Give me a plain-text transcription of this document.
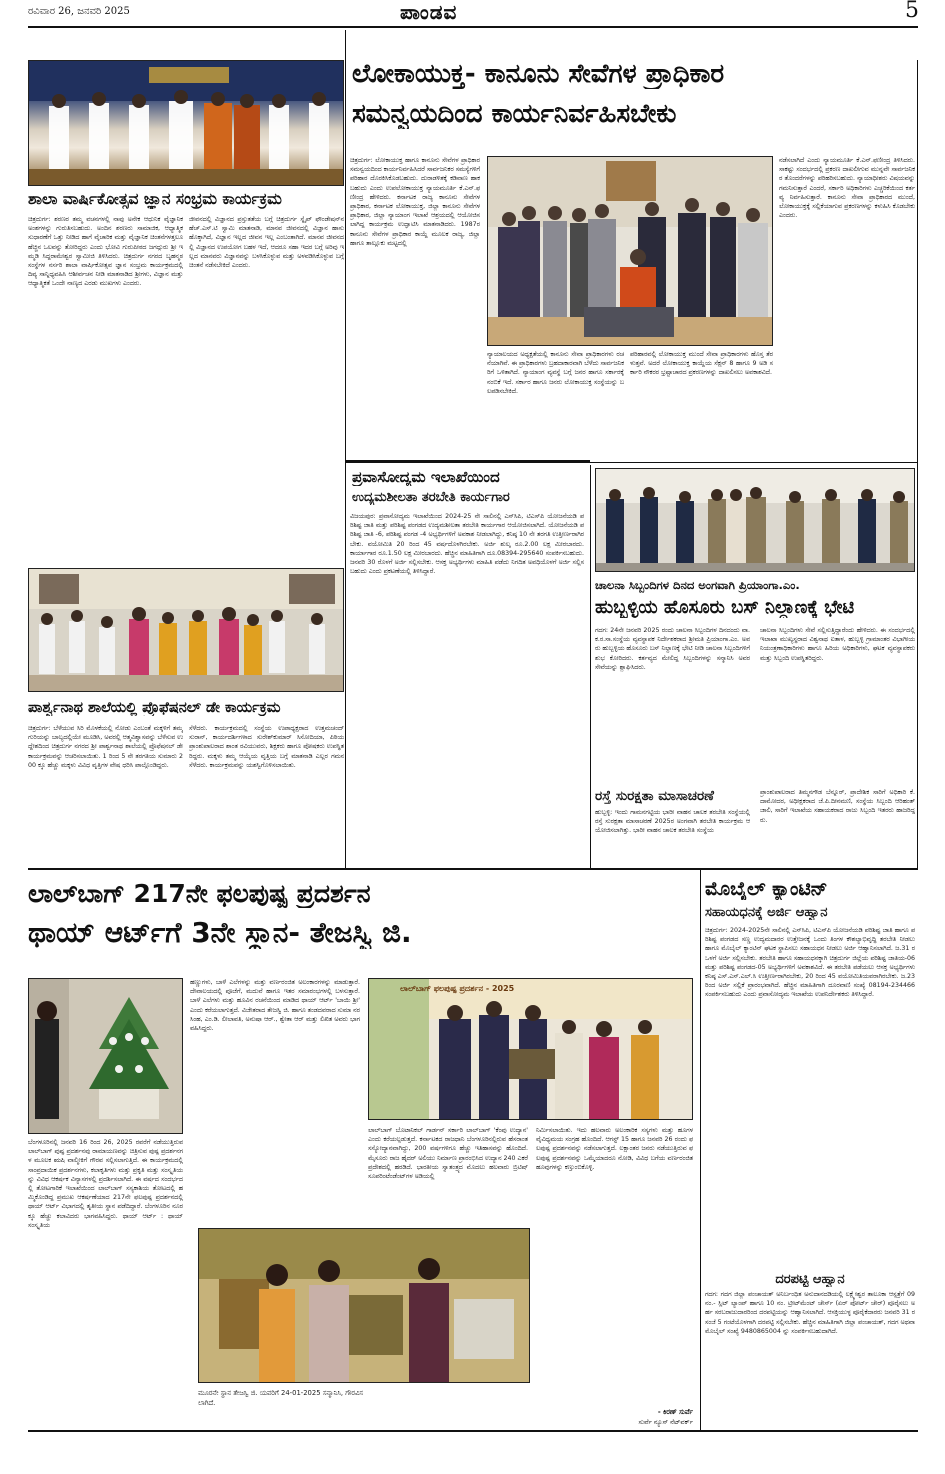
ರವಿವಾರ 26, ಜನವರಿ 2025	ಪಾಂಡವ	5
ಶಾಲಾ ವಾರ್ಷಿಕೋತ್ಸವ ಜ್ಞಾನ ಸಂಭ್ರಮ ಕಾರ್ಯಕ್ರಮ
ಚಿತ್ರದುರ್ಗ: ಶರಣರ ತಮ್ಮ ವಚನಗಳಲ್ಲಿ ನಾವು ಅನೇಕ ಆಧುನಿಕ ವೈಜ್ಞಾನಿಕ ಅಂಶಗಳನ್ನು ಗುರುತಿಸಬಹುದು. ಅಂದಿನ ಶರಣರು ಸಾಮಾಜಿಕ, ಆಧ್ಯಾತ್ಮಿಕ ಸುಧಾರಣೆಗೆ ಒತ್ತು ನೀಡಿದ ಹಾಗೆ ವೈಚಾರಿಕ ಮತ್ತು ವೈಜ್ಞಾನಿಕ ಚಿಂತನೆಗಳತ್ತಲೂ ಹೆಚ್ಚಿನ ಒಲವನ್ನು ತೋರಿದ್ದರು ಎಂದು ಭೋವಿ ಗುರುಪೀಠದ ಜಗದ್ಗುರು ಶ್ರೀ ಇಮ್ಮಡಿ ಸಿದ್ದರಾಮೇಶ್ವರ ಸ್ವಾಮೀಜಿ ತಿಳಿಸಿದರು. ಚಿತ್ರದುರ್ಗ ನಗರದ ಬೃಹನ್ಮಠ ಸಂಸ್ಥೆಗಳ ನರ್ಸರಿ ಶಾಲಾ ವಾರ್ಷಿಕೋತ್ಸವ ಜ್ಞಾನ ಸಂಭ್ರಮ ಕಾರ್ಯಕ್ರಮದಲ್ಲಿ ದಿವ್ಯ ಸಾನ್ನಿಧ್ಯವಹಿಸಿ ಆಶೀರ್ವಚನ ನೀಡಿ ಮಾತನಾಡಿದ ಶ್ರೀಗಳು, ವಿಜ್ಞಾನ ಮತ್ತು ಆಧ್ಯಾತ್ಮಿಕತೆ ಒಂದೇ ನಾಣ್ಯದ ಎರಡು ಮುಖಗಳು ಎಂದರು.
ಜೀವನದಲ್ಲಿ ವಿಜ್ಞಾನದ ಪ್ರಸ್ತುತತೆಯ ಬಗ್ಗೆ ಚಿತ್ರದುರ್ಗ ಸ್ನೈಪ್ ಫೌಂಡೇಷನ್‌ನ ಹೆಚ್.ಎಸ್.ಟಿ ಸ್ವಾಮಿ ಮಾತನಾಡಿ, ಮಾನವ ಜೀವನದಲ್ಲಿ ವಿಜ್ಞಾನ ಹಾಸು ಹೊಕ್ಕಾಗಿದೆ, ವಿಜ್ಞಾನ ಇಲ್ಲದ ಜೀವನ ಇಲ್ಲ ಎಂಬಂತಾಗಿದೆ. ಮಾನವ ಜೀವನದಲ್ಲಿ ವಿಜ್ಞಾನದ ಉಪಯೋಗ ಬಹಳ ಇದೆ, ಆದರೂ ಸಹಾ ಇದರ ಬಗ್ಗೆ ಅರಿವು ಇಲ್ಲದ ಮಾನವರು ವಿಜ್ಞಾನವನ್ನು ಬಳಸಿಕೊಳ್ಳುವ ಮತ್ತು ಅಳವಡಿಸಿಕೊಳ್ಳುವ ಬಗ್ಗೆ ಚಿಂತನೆ ನಡೆಸಬೇಕಿದೆ ಎಂದರು.
ಪಾರ್ಶ್ವನಾಥ ಶಾಲೆಯಲ್ಲಿ ಪ್ರೊಫೆಷನಲ್ ಡೇ ಕಾರ್ಯಕ್ರಮ
ಚಿತ್ರದುರ್ಗ: ಬೆಳೆಯುವ ಸಿರಿ ಮೊಳಕೆಯಲ್ಲಿ ನೋಡು ಎಂಬಂತೆ ಮಕ್ಕಳಿಗೆ ತಮ್ಮ ಗುರಿಯನ್ನು ಬಾಲ್ಯದಲ್ಲಿಯೇ ಮೂಡಿಸಿ, ಅವರಲ್ಲಿ ಆತ್ಮವಿಶ್ವಾಸವನ್ನು ಬೆಳೆಸುವ ಉದ್ದೇಶದಿಂದ ಚಿತ್ರದುರ್ಗ ನಗರದ ಶ್ರೀ ಪಾರ್ಶ್ವನಾಥ ಶಾಲೆಯಲ್ಲಿ ಪ್ರೊಫೆಷನಲ್ ಡೇ ಕಾರ್ಯಕ್ರಮವನ್ನು ಆಚರಿಸಲಾಯಿತು. 1 ರಿಂದ 5 ನೇ ತರಗತಿಯ ಸುಮಾರು 200 ಕ್ಕೂ ಹೆಚ್ಚು ಮಕ್ಕಳು ವಿವಿಧ ವೃತ್ತಿಗಳ ವೇಷ ಧರಿಸಿ ಪಾಲ್ಗೊಂಡಿದ್ದರು.
ಸೆಳೆದರು. ಕಾರ್ಯಕ್ರಮದಲ್ಲಿ ಸಂಸ್ಥೆಯ ಉಪಾಧ್ಯಕ್ಷರಾದ ಉತ್ತಮಚಂದ್ ಸುರಾನ್, ಕಾರ್ಯದರ್ಶಿಗಳಾದ ಸುರೇಶ್‌ಕುಮಾರ್ ಸಿಸೋದಿಯಾ, ಪಿಠಿಯ ಪ್ರಾಂಶುಪಾಲರಾದ ಶಾಂತ ರವಿಯುವರು, ಶಿಕ್ಷಕರು ಹಾಗೂ ಪೋಷಕರು ಉಪಸ್ಥಿತರಿದ್ದರು. ಮಕ್ಕಳು ತಮ್ಮ ಆಯ್ಕೆಯ ವೃತ್ತಿಯ ಬಗ್ಗೆ ಮಾತನಾಡಿ ಎಲ್ಲರ ಗಮನ ಸೆಳೆದರು. ಕಾರ್ಯಕ್ರಮವನ್ನು ಯಶಸ್ವಿಗೊಳಿಸಲಾಯಿತು.
ಲೋಕಾಯುಕ್ತ- ಕಾನೂನು ಸೇವೆಗಳ ಪ್ರಾಧಿಕಾರ
ಸಮನ್ವಯದಿಂದ ಕಾರ್ಯನಿರ್ವಹಿಸಬೇಕು
ಚಿತ್ರದುರ್ಗ: ಲೋಕಾಯುಕ್ತ ಹಾಗೂ ಕಾನೂನು ಸೇವೆಗಳ ಪ್ರಾಧಿಕಾರ ಸಮನ್ವಯದಿಂದ ಕಾರ್ಯನಿರ್ವಹಿಸಿದರೆ ಸಾರ್ವಜನಿಕರ ಸಮಸ್ಯೆಗಳಿಗೆ ಪರಿಹಾರ ದೊರಕಿಸಿಕೊಡಬಹುದು. ದುರಾಡಳಿತಕ್ಕೆ ಕಡಿವಾಣ ಹಾಕಬಹುದು ಎಂದು ಉಪಲೋಕಾಯುಕ್ತ ನ್ಯಾಯಮೂರ್ತಿ ಕೆ.ಎನ್.ಫಣೀಂದ್ರ ಹೇಳಿದರು. ಕರ್ನಾಟಕ ರಾಜ್ಯ ಕಾನೂನು ಸೇವೆಗಳ ಪ್ರಾಧಿಕಾರ, ಕರ್ನಾಟಕ ಲೋಕಾಯುಕ್ತ, ಜಿಲ್ಲಾ ಕಾನೂನು ಸೇವೆಗಳ ಪ್ರಾಧಿಕಾರ, ಜಿಲ್ಲಾ ನ್ಯಾಯಾಂಗ ಇಲಾಖೆ ಆಶ್ರಯದಲ್ಲಿ ಆಯೋಜಿಸಲಾಗಿದ್ದ ಕಾರ್ಯಕ್ರಮ ಉದ್ಘಾಟಿಸಿ ಮಾತನಾಡಿದರು. 1987ರ ಕಾನೂನು ಸೇವೆಗಳ ಪ್ರಾಧಿಕಾರ ಕಾಯ್ದೆ ಮೂಲಕ ರಾಜ್ಯ, ಜಿಲ್ಲಾ ಹಾಗೂ ತಾಲ್ಲೂಕು ಮಟ್ಟದಲ್ಲಿ
ನ್ಯಾಯಾಲಯದ ಅಧ್ಯಕ್ಷತೆಯಲ್ಲಿ ಕಾನೂನು ಸೇವಾ ಪ್ರಾಧಿಕಾರಗಳು ರಚನೆಯಾಗಿವೆ. ಈ ಪ್ರಾಧಿಕಾರಗಳು ಬ್ರಹದಾಕಾರವಾಗಿ ಬೆಳೆದು ಸಾರ್ವಜನಿಕರಿಗೆ ಒಳಿತಾಗಿದೆ. ನ್ಯಾಯಾಂಗ ವ್ಯವಸ್ಥೆ ಬಗ್ಗೆ ಜನರ ಹಾಗೂ ಸರ್ಕಾರಕ್ಕೆ ನಂಬಿಕೆ ಇದೆ. ಸರ್ಕಾರ ಹಾಗೂ ಜನರು ಲೋಕಾಯುಕ್ತ ಸಂಸ್ಥೆಯನ್ನು ಬಲಪಡಿಸಬೇಕಿದೆ.
ಪರಿಹಾರವಲ್ಲಿ ಲೋಕಾಯುಕ್ತ ಮುಂದೆ ಸೇವಾ ಪ್ರಾಧಿಕಾರಗಳು ಹೊಸ್ತ ತೆರಳುತ್ತವೆ. ಅದರೆ ಲೋಕಾಯುಕ್ತ ಕಾಯ್ದೆಯ ಸೆಕ್ಷನ್ 8 ಹಾಗೂ 9 ಅಡಿ ಸರ್ಕಾರಿ ನೌಕರರ ಭ್ರಷ್ಟಾಚಾರದ ಪ್ರಕರಣಗಳನ್ನು ದಾಖಲಿಸಲು ಅವಕಾಶವಿದೆ.
ನಡೆಸಲಾಗಿದೆ ಎಂದು ನ್ಯಾಯಮೂರ್ತಿ ಕೆ.ಎನ್.ಫಣೀಂದ್ರ ತಿಳಿಸಿದರು. ಸಾಕಷ್ಟು ಸಂದರ್ಭದಲ್ಲಿ ಪ್ರಕರಣ ದಾಖಲೀಗುವ ಮುನ್ನವೇ ಸಾರ್ವಜನಿಕರ ತೊಂದರೆಗಳನ್ನು ಪರಿಹರಿಸಬಹುದು. ನ್ಯಾಯಾಧೀಶರು ವಿಷಯವನ್ನು ಗಮನಿಸುತ್ತಾರೆ ಎಂದರೆ, ಸರ್ಕಾರಿ ಅಧಿಕಾರಿಗಳು ಎಚ್ಚರಿಕೆಯಿಂದ ಕರ್ತವ್ಯ ನಿರ್ವಹಿಸುತ್ತಾರೆ. ಕಾನೂನು ಸೇವಾ ಪ್ರಾಧಿಕಾರದ ಮುಂದೆ, ಲೋಕಾಯುಕ್ತಕ್ಕೆ ಸಲ್ಲಿಕೆಯಾಗುವ ಪ್ರಕರಣಗಳನ್ನು ಕಳುಹಿಸಿ ಕೊಡಬೇಕು ಎಂದರು.
ಪ್ರವಾಸೋದ್ಯಮ ಇಲಾಖೆಯಿಂದ
ಉದ್ಯಮಶೀಲತಾ ತರಬೇತಿ ಕಾರ್ಯಗಾರ
ವಿಜಯಪುರ: ಪ್ರವಾಸೋದ್ಯಮ ಇಲಾಖೆಯಿಂದ 2024-25 ನೇ ಸಾಲಿನಲ್ಲಿ ಎಸ್‌ಸಿಪಿ, ಟಿಎಸ್‌ಪಿ ಯೋಜನೆಯಡಿ ಪರಿಶಿಷ್ಟ ಜಾತಿ ಮತ್ತು ಪರಿಶಿಷ್ಟ ಪಂಗಡದ ಉದ್ಯಮಶೀಲತಾ ತರಬೇತಿ ಕಾರ್ಯಗಾರ ಆಯೋಜಿಸಲಾಗಿದೆ. ಯೋಜನೆಯಡಿ ಪರಿಶಿಷ್ಟ ಜಾತಿ -6, ಪರಿಶಿಷ್ಟ ಪಂಗಡ -4 ಅಭ್ಯರ್ಥಿಗಳಿಗೆ ಅವಕಾಶ ನೀಡಲಾಗಿದ್ದು, ಕನಿಷ್ಠ 10 ನೇ ತರಗತಿ ಉತ್ತೀರ್ಣರಾಗಿರಬೇಕು. ವಯೋಮಿತಿ 20 ರಿಂದ 45 ವರ್ಷದೊಳಗಿರಬೇಕು. ಅರ್ಜಿ ಶುಲ್ಕ ರೂ.2.00 ಲಕ್ಷ ಮೀರಬಾರದು. ಕಾರ್ಯಾಗಾರ ರೂ.1.50 ಲಕ್ಷ ಮೀರಬಾರದು. ಹೆಚ್ಚಿನ ಮಾಹಿತಿಗಾಗಿ ದೂ.08394-295640 ಸಂಪರ್ಕಿಸಬಹುದು. ಜನವರಿ 30 ರೊಳಗೆ ಅರ್ಜಿ ಸಲ್ಲಿಸಬೇಕು. ಆಸಕ್ತ ಅಭ್ಯರ್ಥಿಗಳು ಮಾಹಿತಿ ಪಡೆದು ನಿಗದಿತ ಅವಧಿಯೊಳಗೆ ಅರ್ಜಿ ಸಲ್ಲಿಸಬಹುದು ಎಂದು ಪ್ರಕಟಣೆಯಲ್ಲಿ ತಿಳಿಸಿದ್ದಾರೆ.
ಚಾಲನಾ ಸಿಬ್ಬಂದಿಗಳ ದಿನದ ಅಂಗವಾಗಿ ಪ್ರಿಯಾಂಗಾ.ಎಂ.
ಹುಬ್ಬಳ್ಳಿಯ ಹೊಸೂರು ಬಸ್ ನಿಲ್ದಾಣಕ್ಕೆ ಭೇಟಿ
ಗದಗ: 24ನೇ ಜನವರಿ 2025 ರಂದು ಚಾಲನಾ ಸಿಬ್ಬಂದಿಗಳ ದಿನದಂದು ವಾ.ಕ.ರ.ಸಾ.ಸಂಸ್ಥೆಯ ವ್ಯವಸ್ಥಾಪಕ ನಿರ್ದೇಶಕರಾದ ಶ್ರೀಮತಿ ಪ್ರಿಯಾಂಗಾ.ಎಂ. ಅವರು ಹುಬ್ಬಳ್ಳಿಯ ಹೊಸೂರು ಬಸ್ ನಿಲ್ದಾಣಕ್ಕೆ ಭೇಟಿ ನೀಡಿ ಚಾಲನಾ ಸಿಬ್ಬಂದಿಗಳಿಗೆ ಶುಭ ಕೋರಿದರು. ಕರ್ತವ್ಯದ ಮೇಲಿದ್ದ ಸಿಬ್ಬಂದಿಗಳನ್ನು ಸನ್ಮಾನಿಸಿ ಅವರ ಸೇವೆಯನ್ನು ಶ್ಲಾಘಿಸಿದರು.
ಚಾಲನಾ ಸಿಬ್ಬಂದಿಗಳು ಸೇವೆ ಸಲ್ಲಿಸುತ್ತಿದ್ದಾರೆಂದು ಹೇಳಿದರು. ಈ ಸಂದರ್ಭದಲ್ಲಿ ಇಲಾಖಾ ಮುಖ್ಯಸ್ಥರಾದ ವಿಶ್ವನಾಥ ಐತಾಳ, ಹುಬ್ಬಳ್ಳಿ ಗ್ರಾಮಾಂತರ ವಿಭಾಗೀಯ ನಿಯಂತ್ರಣಾಧಿಕಾರಿಗಳು ಹಾಗೂ ಹಿರಿಯ ಅಧಿಕಾರಿಗಳು, ಘಟಕ ವ್ಯವಸ್ಥಾಪಕರು ಮತ್ತು ಸಿಬ್ಬಂದಿ ಉಪಸ್ಥಿತರಿದ್ದರು.
ರಸ್ತೆ ಸುರಕ್ಷತಾ ಮಾಸಾಚರಣೆ
ಹುಬ್ಬಳ್ಳಿ: ಇಂದು ಗಾಮನಗಟ್ಟಿಯ ಭಾರೀ ವಾಹನ ಚಾಲಕ ತರಬೇತಿ ಸಂಸ್ಥೆಯಲ್ಲಿ ರಸ್ತೆ ಸುರಕ್ಷತಾ ಮಾಸಾಚರಣೆ 2025ರ ಅಂಗವಾಗಿ ತರಬೇತಿ ಕಾರ್ಯಕ್ರಮ ಆಯೋಜಿಸಲಾಗಿತ್ತು. ಭಾರೀ ವಾಹನ ಚಾಲಕ ತರಬೇತಿ ಸಂಸ್ಥೆಯ
ಪ್ರಾಂಶುಪಾಲರಾದ ತಿಮ್ಮನಗೌಡ ಬೆನ್ನೂರ್, ಪ್ರಾದೇಶಿಕ ಸಾರಿಗೆ ಅಧಿಕಾರಿ ಕೆ. ದಾಮೋದರ, ಅಧೀಕ್ಷಕರಾದ ಜೆ.ಪಿ.ದೀನಮಣಿ, ಸಂಸ್ಥೆಯ ಸಿಬ್ಬಂದಿ ಆರಿಹಂತ್ ಜಾಲಿ, ಸಾರಿಗೆ ಇಲಾಖೆಯ ಸಹಾಯಕರಾದ ರಾಜು ಸಿಬ್ಬಂದಿ ಇತರರು ಹಾಜರಿದ್ದರು.
ಲಾಲ್‌ಬಾಗ್ 217ನೇ ಫಲಪುಷ್ಪ ಪ್ರದರ್ಶನ
ಥಾಯ್ ಆರ್ಟ್‌ಗೆ 3ನೇ ಸ್ಥಾನ- ತೇಜಸ್ವಿ ಜಿ.
ಬೆಂಗಳೂರಿನಲ್ಲಿ ಜನವರಿ 16 ರಿಂದ 26, 2025 ರವರೆಗೆ ನಡೆಯುತ್ತಿರುವ ಲಾಲ್‌ಬಾಗ್ ಪುಷ್ಪ ಪ್ರದರ್ಶನವು ರಾಮಾಯಣವನ್ನು ಚಿತ್ರಿಸುವ ಪುಷ್ಪ ಪ್ರದರ್ಶನಗಳ ಮೂಲಕ ಋಷಿ ವಾಲ್ಮೀಕಿಗೆ ಗೌರವ ಸಲ್ಲಿಸಲಾಗುತ್ತಿದೆ. ಈ ಕಾರ್ಯಕ್ರಮದಲ್ಲಿ ಸಾಂಪ್ರದಾಯಿಕ ಪ್ರದರ್ಶನಗಳು, ಕಲಾಕೃತಿಗಳು ಮತ್ತು ಪ್ರಕೃತಿ ಮತ್ತು ಸಂಸ್ಕೃತಿಯನ್ನು ವಿವಿಧ ಆಕರ್ಷಕ ವಿನ್ಯಾಸಗಳಲ್ಲಿ ಪ್ರದರ್ಶಿಸಲಾಗಿದೆ. ಈ ವರ್ಷದ ಸಂದರ್ಭದಲ್ಲಿ ತೋಟಗಾರಿಕೆ ಇಲಾಖೆಯಿಂದ ಲಾಲ್‌ಬಾಗ್ ಸಸ್ಯಕಾಶಿಯ ತೋಟದಲ್ಲಿ ಹಮ್ಮಿಕೊಂಡಿದ್ದ ಪ್ರಮುಖ ಆಕರ್ಷಣೆಯಾದ 217ನೇ ಫಲಪುಷ್ಪ ಪ್ರದರ್ಶನದಲ್ಲಿ ಥಾಯ್ ಆರ್ಟ್ ವಿಭಾಗದಲ್ಲಿ ತೃತೀಯ ಸ್ಥಾನ ಪಡೆದಿದ್ದಾರೆ. ಬೆಂಗಳೂರಿನ ನೂರಕ್ಕೂ ಹೆಚ್ಚು ಕಲಾವಿದರು ಭಾಗವಹಿಸಿದ್ದರು. ಥಾಯ್ ಆರ್ಟ್ : ಥಾಯ್ ಸಂಸ್ಕೃತಿಯ
ಹಣ್ಣುಗಳು, ಬಾಳೆ ಎಲೆಗಳನ್ನು ಮತ್ತು ವರ್ಣರಂಜಿತ ಅಲಂಕಾರಗಳನ್ನು ಮಾಡುತ್ತಾರೆ. ದೇವಾಲಯದಲ್ಲಿ ಪೂಜೆಗೆ, ಮದುವೆ ಹಾಗೂ ಇತರ ಸಮಾರಂಭಗಳಲ್ಲಿ ಬಳಸುತ್ತಾರೆ. ಬಾಳೆ ಎಲೆಗಳು ಮತ್ತು ಹೂವಿನ ರಚನೆಯಿಂದ ಮಾಡಿದ ಥಾಯ್ ಆರ್ಟ್ 'ಬಾಯಿ ಶ್ರೀ' ಎಂದು ಕರೆಯಲಾಗುತ್ತದೆ. ವಿಜೇತರಾದ ತೇಜಸ್ವಿ ಜಿ. ಹಾಗೂ ತಂಡದವರಾದ ಸುಮಾ ನರಸಿಂಹ, ಎಂ.ಡಿ. ಲೀಲಾವತಿ, ಅನುಷಾ ಆರ್., ಶ್ವೇತಾ ಆರ್ ಮತ್ತು ಲಿಖಿತ ಅವರು ಭಾಗವಹಿಸಿದ್ದರು.
ಲಾಲ್‌ಬಾಗ್ ಫಲಪುಷ್ಪ ಪ್ರದರ್ಶನ - 2025
ಲಾಲ್‌ಬಾಗ್ ಬೊಟಾನಿಕಲ್ ಗಾರ್ಡನ್ ಸರ್ಕಾರಿ ಲಾಲ್‌ಬಾಗ್ 'ಕೆಂಪು ಉದ್ಯಾನ' ಎಂದು ಕರೆಯಲ್ಪಡುತ್ತದೆ. ಕರ್ನಾಟಕದ ರಾಜಧಾನಿ ಬೆಂಗಳೂರಿನಲ್ಲಿರುವ ಹೆಸರಾಂತ ಸಸ್ಯೋದ್ಯಾನವಾಗಿದ್ದು, 200 ವರ್ಷಗಳಿಗೂ ಹೆಚ್ಚು ಇತಿಹಾಸವನ್ನು ಹೊಂದಿದೆ. ಮೈಸೂರು ರಾಜ ಹೈದರ್ ಅಲಿಯು ನಿರ್ಮಾಣ ಪ್ರಾರಂಭಿಸಿದ ಉದ್ಯಾನ 240 ಎಕರೆ ಪ್ರದೇಶದಲ್ಲಿ ಹರಡಿದೆ. ಭಾರತೀಯ ಸ್ವಾತಂತ್ರ್ಯದ ಮೊದಲು ಹಲವಾರು ಬ್ರಿಟಿಷ್ ಸೂಪರಿಂಟೆಂಡೆಂಟ್‌ಗಳ ಅಡಿಯಲ್ಲಿ
ನಿರ್ಮಿಸಲಾಯಿತು. ಇದು ಹಲವಾರು ಅಲಂಕಾರಿಕ ಸಸ್ಯಗಳು ಮತ್ತು ಹೂಗಳ ವೈವಿಧ್ಯಮಯ ಸಂಗ್ರಹ ಹೊಂದಿದೆ. ಆಗಸ್ಟ್ 15 ಹಾಗೂ ಜನವರಿ 26 ರಂದು ಫಲಪುಷ್ಪ ಪ್ರದರ್ಶನವನ್ನು ನಡೆಸಲಾಗುತ್ತದೆ. ಲಕ್ಷಾಂತರ ಜನರು ನಡೆಯುತ್ತಿರುವ ಫಲಪುಷ್ಪ ಪ್ರದರ್ಶನವನ್ನು ಒಮ್ಮೆಯಾದರೂ ನೋಡಿ, ವಿವಿಧ ಬಗೆಯ ವರ್ಣರಂಜಿತ ಹೂವುಗಳನ್ನು ಕಣ್ತುಂಬಿಕೊಳ್ಳಿ.
ಮೂರನೇ ಸ್ಥಾನ ತೇಜಸ್ವಿ ಜಿ. ಯವರಿಗೆ 24-01-2025 ಸನ್ಮಾನಿಸಿ, ಗೌರವಿಸಲಾಗಿದೆ.
- ಕಿರಣ್ ಸುರ್ವೆ
ಸುರ್ವೆ ನ್ಯೂಸ್ ನೆಟ್‌ವರ್ಕ್
ಮೊಬೈಲ್ ಕ್ಯಾಂಟಿನ್
ಸಹಾಯಧನಕ್ಕೆ ಅರ್ಜಿ ಆಹ್ವಾನ
ಚಿತ್ರದುರ್ಗ: 2024-2025ನೇ ಸಾಲಿನಲ್ಲಿ ಎಸ್‌ಸಿಪಿ, ಟಿಎಸ್‌ಪಿ ಯೋಜನೆಯಡಿ ಪರಿಶಿಷ್ಟ ಜಾತಿ ಹಾಗೂ ಪರಿಶಿಷ್ಟ ಪಂಗಡದ ಸಣ್ಣ ಉದ್ಯಮದಾರರ ಉತ್ತೇಜನಕ್ಕೆ ಒಂದು ತಿಂಗಳ ಕೌಶಲ್ಯಾಭಿವೃದ್ಧಿ ತರಬೇತಿ ನೀಡಲು ಹಾಗೂ ಮೊಬೈಲ್ ಕ್ಯಾಂಟಿನ್ ಘಟಕ ಸ್ಥಾಪಿಸಲು ಸಹಾಯಧನ ನೀಡಲು ಅರ್ಜಿ ಆಹ್ವಾನಿಸಲಾಗಿದೆ. ಜ.31 ರ ಒಳಗೆ ಅರ್ಜಿ ಸಲ್ಲಿಸಬೇಕು. ತರಬೇತಿ ಹಾಗೂ ಸಹಾಯಧನಕ್ಕಾಗಿ ಚಿತ್ರದುರ್ಗ ಜಿಲ್ಲೆಯ ಪರಿಶಿಷ್ಟ ಜಾತಿಯ-06 ಮತ್ತು ಪರಿಶಿಷ್ಟ ಪಂಗಡದ-05 ಅಭ್ಯರ್ಥಿಗಳಿಗೆ ಅವಕಾಶವಿದೆ. ಈ ತರಬೇತಿ ಪಡೆಯಲು ಆಸಕ್ತ ಅಭ್ಯರ್ಥಿಗಳು ಕನಿಷ್ಠ ಎಸ್.ಎಸ್.ಎಲ್.ಸಿ ಉತ್ತೀರ್ಣರಾಗಿರಬೇಕು, 20 ರಿಂದ 45 ವಯೋಮಿತಿಯವರಾಗಿರಬೇಕು. ಜ.23 ರಿಂದ ಅರ್ಜಿ ಸಲ್ಲಿಕೆ ಪ್ರಾರಂಭವಾಗಿದೆ. ಹೆಚ್ಚಿನ ಮಾಹಿತಿಗಾಗಿ ದೂರವಾಣಿ ಸಂಖ್ಯೆ 08194-234466 ಸಂಪರ್ಕಿಸಬಹುದು ಎಂದು ಪ್ರವಾಸೋದ್ಯಮ ಇಲಾಖೆಯ ಉಪನಿರ್ದೇಶಕರು ತಿಳಿಸಿದ್ದಾರೆ.
ದರಪಟ್ಟಿ ಆಹ್ವಾನ
ಗದಗ: ಗದಗ ಜಿಲ್ಲಾ ಪಂಚಾಯತ್ ಅನಿರ್ಬಂಧಿತ ಅನುದಾನದಡಿಯಲ್ಲಿ ಲಕ್ಷ್ಮೇಶ್ವರ ತಾಲೂಕಾ ಆಸ್ಪತ್ರೆಗೆ 09 ನಂ.- ಸ್ಲಿಟ್ ಲ್ಯಾಂಪ್ ಹಾಗೂ 10 ನಂ. ಟ್ರೀಟ್‌ಮೆಂಟ್ ಚೇರ್ಸ್ (ಏರ್ ಪೋರ್ಟ್ ಚೇರ್) ಪೂರೈಸಲು ಅರ್ಹ ಸರಬರಾಜುದಾರರಿಂದ ದರಪಟ್ಟಿಯನ್ನು ಆಹ್ವಾನಿಸಲಾಗಿದೆ. ಆಸಕ್ತಿಯುಳ್ಳ ಪೂರೈಕೆದಾರರು ಜನವರಿ 31 ರ ಸಂಜೆ 5 ಗಂಟೆಯೊಳಗಾಗಿ ದರಪಟ್ಟಿ ಸಲ್ಲಿಸಬೇಕು. ಹೆಚ್ಚಿನ ಮಾಹಿತಿಗಾಗಿ ಜಿಲ್ಲಾ ಪಂಚಾಯತ್, ಗದಗ ಅಥವಾ ಮೊಬೈಲ್ ಸಂಖ್ಯೆ 9480865004 ನ್ನು ಸಂಪರ್ಕಿಸಬಹುದಾಗಿದೆ.
